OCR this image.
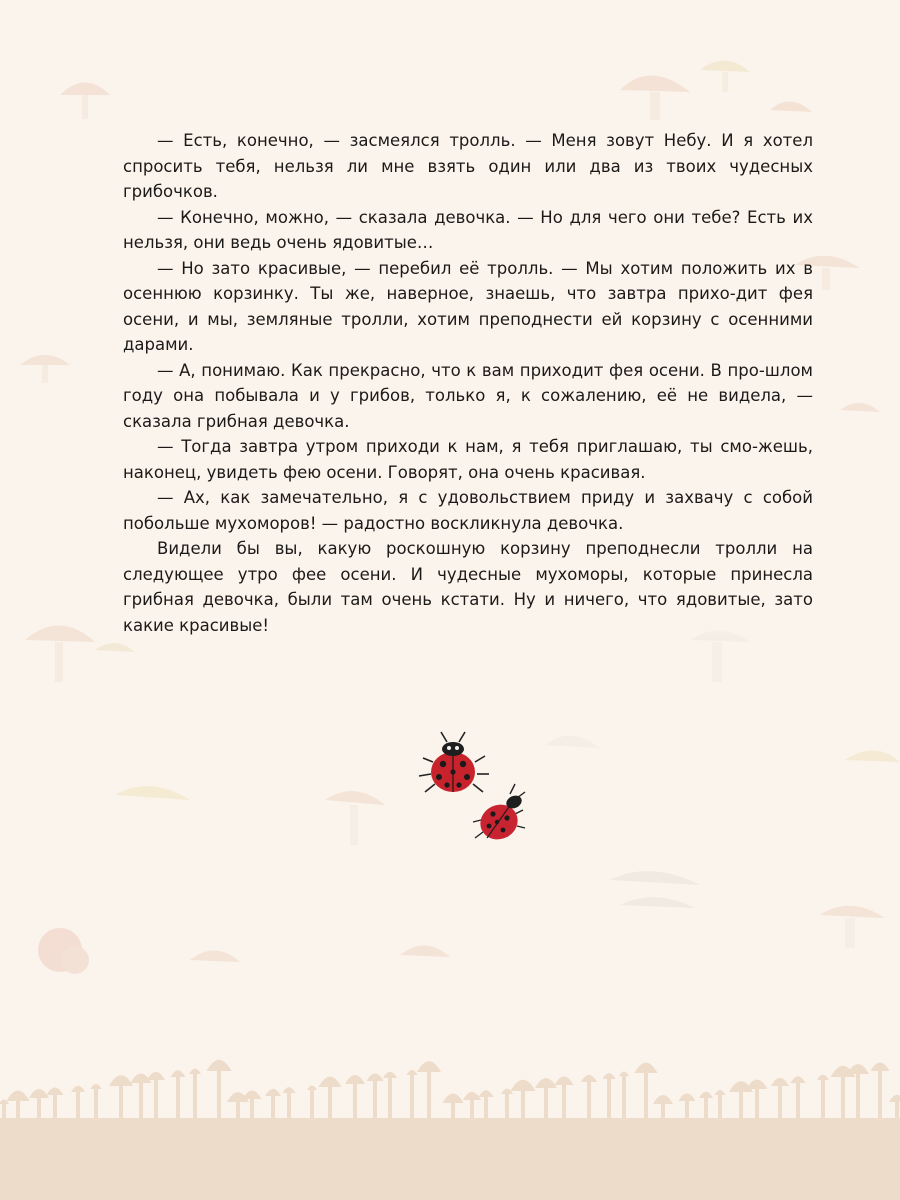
— Есть, конечно, — засмеялся тролль. — Меня зовут Небу. И я хотел спросить тебя, нельзя ли мне взять один или два из твоих чудесных грибочков.

— Конечно, можно, — сказала девочка. — Но для чего они тебе? Есть их нельзя, они ведь очень ядовитые…

— Но зато красивые, — перебил её тролль. — Мы хотим положить их в осеннюю корзинку. Ты же, наверное, знаешь, что завтра прихо-дит фея осени, и мы, земляные тролли, хотим преподнести ей корзину с осенними дарами.

— А, понимаю. Как прекрасно, что к вам приходит фея осени. В про-шлом году она побывала и у грибов, только я, к сожалению, её не видела, — сказала грибная девочка.

— Тогда завтра утром приходи к нам, я тебя приглашаю, ты смо-жешь, наконец, увидеть фею осени. Говорят, она очень красивая.

— Ах, как замечательно, я с удовольствием приду и захвачу с собой побольше мухоморов! — радостно воскликнула девочка.

Видели бы вы, какую роскошную корзину преподнесли тролли на следующее утро фее осени. И чудесные мухоморы, которые принесла грибная девочка, были там очень кстати. Ну и ничего, что ядовитые, зато какие красивые!
